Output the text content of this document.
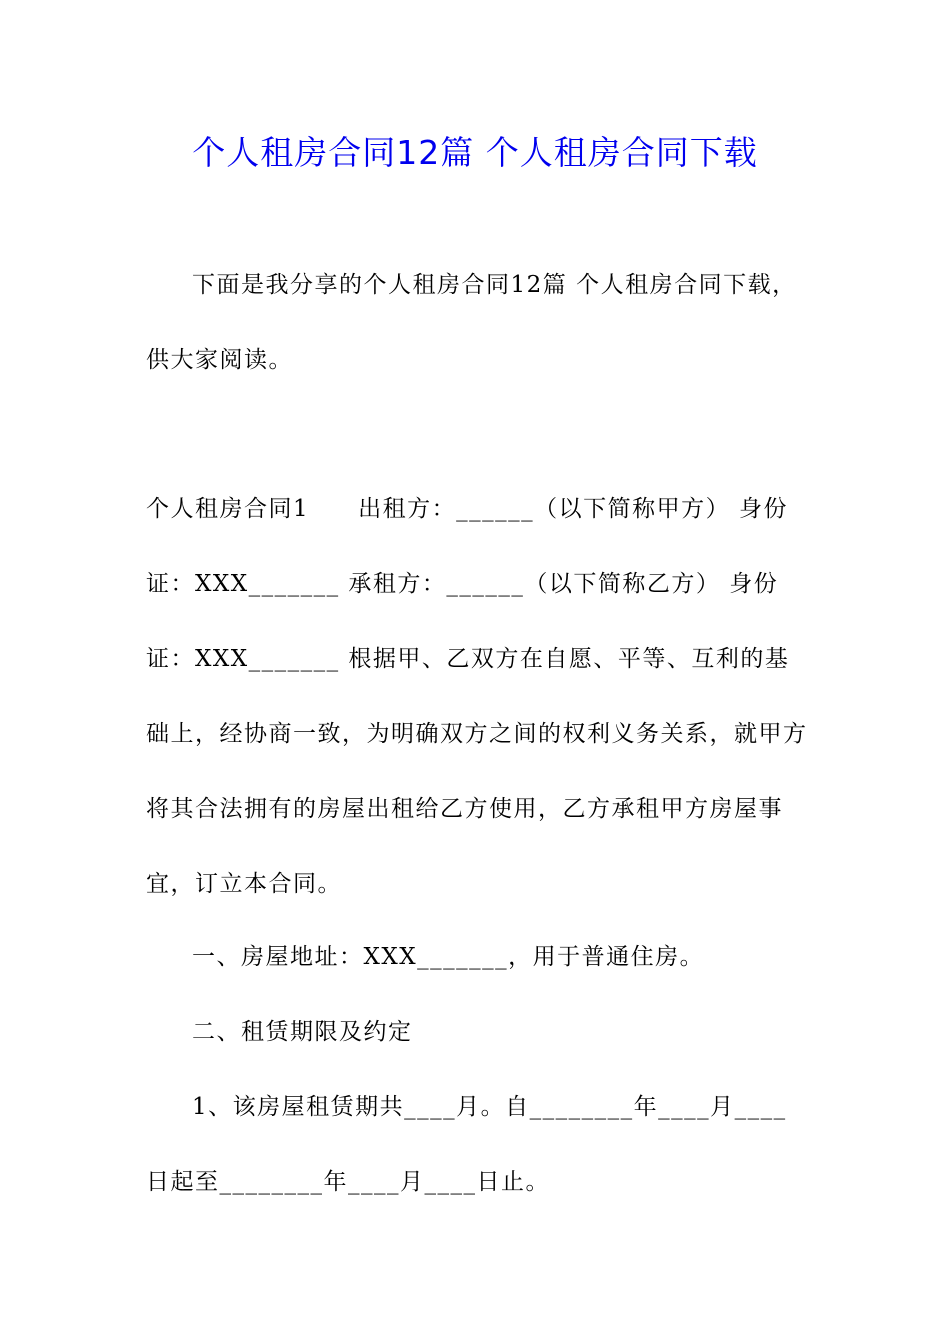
个人租房合同12篇 个人租房合同下载

下面是我分享的个人租房合同12篇 个人租房合同下载，供大家阅读。

个人租房合同1　　出租方：______（以下简称甲方） 身份证：XXX_______ 承租方：______（以下简称乙方） 身份证：XXX_______ 根据甲、乙双方在自愿、平等、互利的基础上，经协商一致，为明确双方之间的权利义务关系，就甲方将其合法拥有的房屋出租给乙方使用，乙方承租甲方房屋事宜，订立本合同。

一、房屋地址：XXX_______，用于普通住房。

二、租赁期限及约定

1、该房屋租赁期共____月。自________年____月____日起至________年____月____日止。
